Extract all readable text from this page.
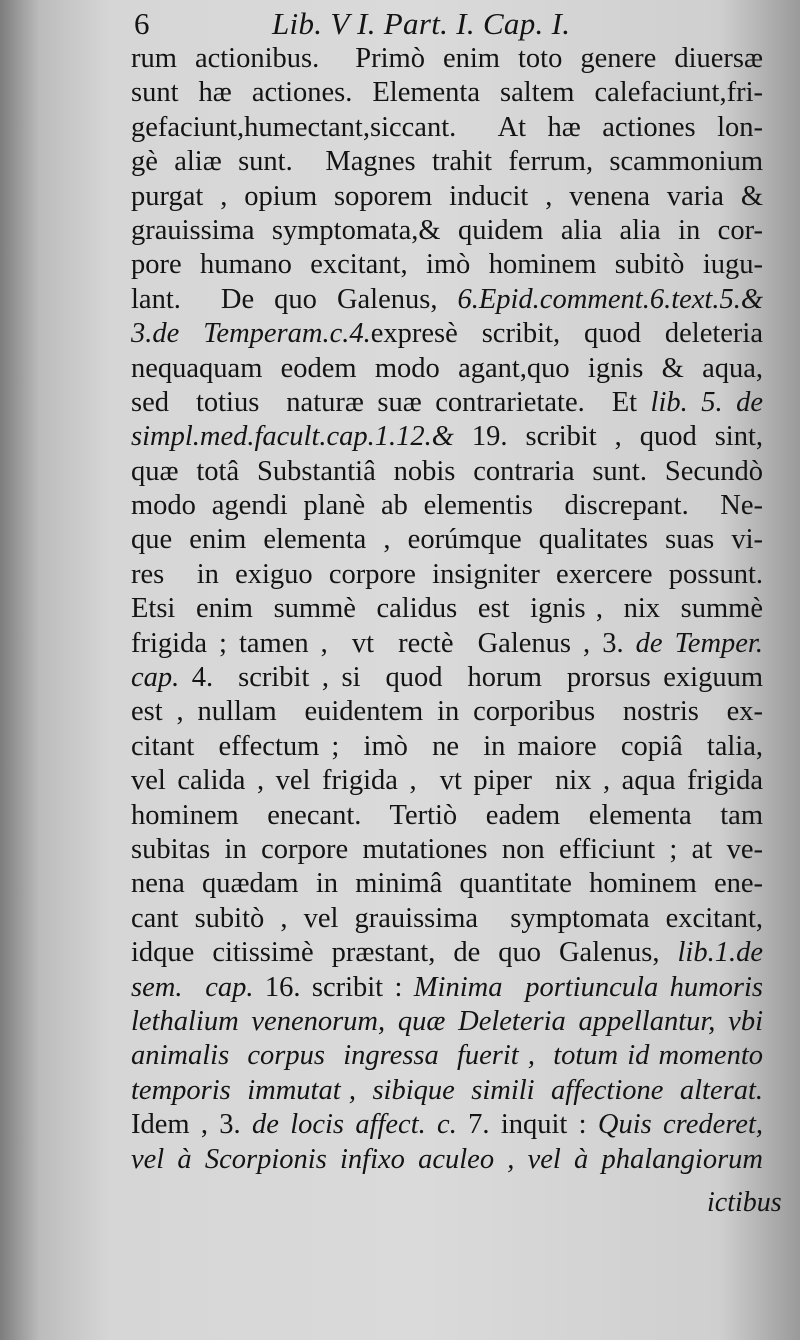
6	Lib. V I. Part. I. Cap. I.
rum actionibus.  Primò enim toto genere diuersæ
sunt hæ actiones. Elementa saltem calefaciunt,fri-
gefaciunt,humectant,siccant.  At hæ actiones lon-
gè aliæ sunt.  Magnes trahit ferrum, scammonium
purgat , opium soporem inducit , venena varia &
grauissima symptomata,& quidem alia alia in cor-
pore humano excitant, imò hominem subitò iugu-
lant.  De quo Galenus, 6.Epid.comment.6.text.5.&
3.de Temperam.c.4.expresè scribit, quod deleteria
nequaquam eodem modo agant,quo ignis & aqua,
sed  totius  naturæ suæ contrarietate.  Et lib. 5. de
simpl.med.facult.cap.1.12.& 19. scribit , quod sint,
quæ totâ Substantiâ nobis contraria sunt. Secundò
modo agendi planè ab elementis  discrepant.  Ne-
que enim elementa , eorúmque qualitates suas vi-
res  in exiguo corpore insigniter exercere possunt.
Etsi  enim  summè  calidus  est  ignis ,  nix  summè
frigida ; tamen ,  vt  rectè  Galenus , 3. de Temper.
cap. 4.  scribit , si  quod  horum  prorsus exiguum
est , nullam  euidentem in corporibus  nostris  ex-
citant  effectum ;  imò  ne  in maiore  copiâ  talia,
vel calida , vel frigida ,  vt piper  nix , aqua frigida
hominem  enecant.  Tertiò  eadem  elementa  tam
subitas in corpore mutationes non efficiunt ; at ve-
nena quædam in minimâ quantitate hominem ene-
cant subitò , vel grauissima  symptomata excitant,
idque citissimè præstant, de quo Galenus, lib.1.de
sem.  cap. 16. scribit : Minima  portiuncula humoris
lethalium venenorum, quæ Deleteria appellantur, vbi
animalis  corpus  ingressa  fuerit ,  totum id momento
temporis  immutat ,  sibique  simili  affectione  alterat.
Idem , 3. de locis affect. c. 7. inquit : Quis crederet,
vel à Scorpionis infixo aculeo , vel à phalangiorum
ictibus
